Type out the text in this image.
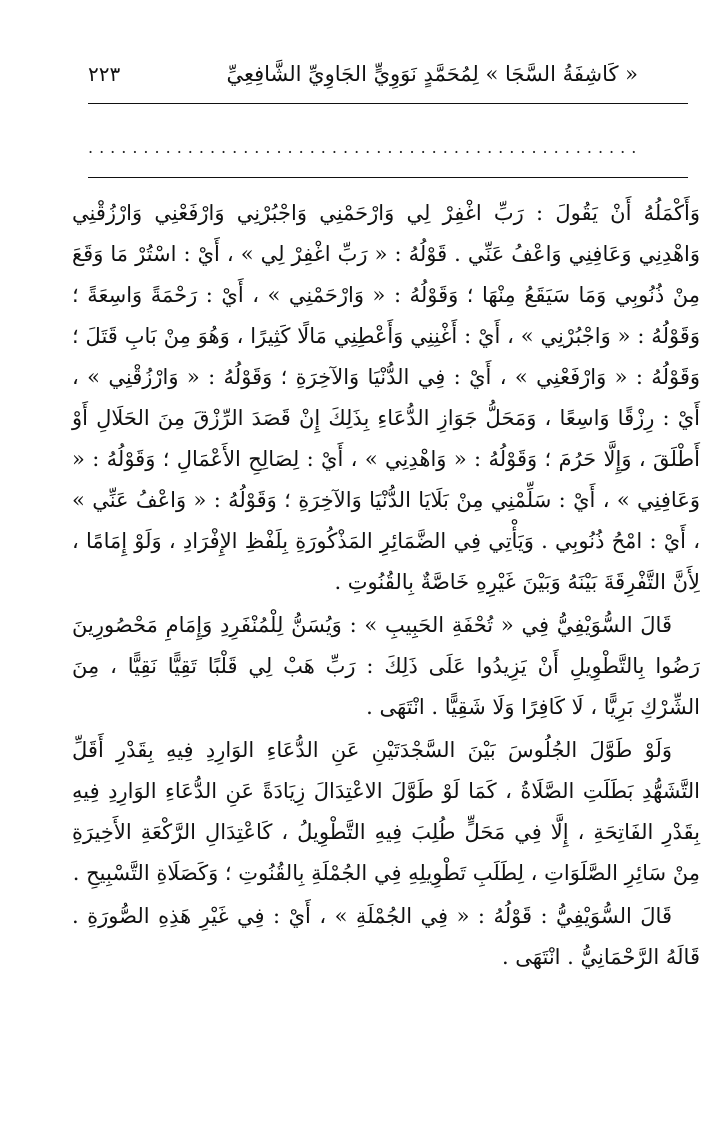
« كَاشِفَةُ السَّجَا » لِمُحَمَّدٍ نَوَوِيٍّ الجَاوِيِّ الشَّافِعِيِّ
٢٢٣
..................................................

وَأَكْمَلُهُ أَنْ يَقُولَ : رَبِّ اغْفِرْ لِي وَارْحَمْنِي وَاجْبُرْنِي وَارْفَعْنِي وَارْزُقْنِي وَاهْدِنِي وَعَافِنِي وَاعْفُ عَنِّي . قَوْلُهُ : « رَبِّ اغْفِرْ لِي » ، أَيْ : اسْتُرْ مَا وَقَعَ مِنْ ذُنُوبِي وَمَا سَيَقَعُ مِنْهَا ؛ وَقَوْلُهُ : « وَارْحَمْنِي » ، أَيْ : رَحْمَةً وَاسِعَةً ؛ وَقَوْلُهُ : « وَاجْبُرْنِي » ، أَيْ : أَغْنِنِي وَأَعْطِنِي مَالًا كَثِيرًا ، وَهُوَ مِنْ بَابِ قَتَلَ ؛ وَقَوْلُهُ : « وَارْفَعْنِي » ، أَيْ : فِي الدُّنْيَا وَالآخِرَةِ ؛ وَقَوْلُهُ : « وَارْزُقْنِي » ، أَيْ : رِزْقًا وَاسِعًا ، وَمَحَلُّ جَوَازِ الدُّعَاءِ بِذَلِكَ إِنْ قَصَدَ الرِّزْقَ مِنَ الحَلَالِ أَوْ أَطْلَقَ ، وَإِلَّا حَرُمَ ؛ وَقَوْلُهُ : « وَاهْدِنِي » ، أَيْ : لِصَالِحِ الأَعْمَالِ ؛ وَقَوْلُهُ : « وَعَافِنِي » ، أَيْ : سَلِّمْنِي مِنْ بَلَايَا الدُّنْيَا وَالآخِرَةِ ؛ وَقَوْلُهُ : « وَاعْفُ عَنِّي » ، أَيْ : امْحُ ذُنُوبِي . وَيَأْتِي فِي الضَّمَائِرِ المَذْكُورَةِ بِلَفْظِ الإِفْرَادِ ، وَلَوْ إِمَامًا ، لِأَنَّ التَّفْرِقَةَ بَيْنَهُ وَبَيْنَ غَيْرِهِ خَاصَّةٌ بِالقُنُوتِ .

قَالَ السُّوَيْفِيُّ فِي « تُحْفَةِ الحَبِيبِ » : وَيُسَنُّ لِلْمُنْفَرِدِ وَإِمَامِ مَحْصُورِينَ رَضُوا بِالتَّطْوِيلِ أَنْ يَزِيدُوا عَلَى ذَلِكَ : رَبِّ هَبْ لِي قَلْبًا تَقِيًّا نَقِيًّا ، مِنَ الشِّرْكِ بَرِيًّا ، لَا كَافِرًا وَلَا شَقِيًّا . انْتَهَى .

وَلَوْ طَوَّلَ الجُلُوسَ بَيْنَ السَّجْدَتَيْنِ عَنِ الدُّعَاءِ الوَارِدِ فِيهِ بِقَدْرِ أَقَلِّ التَّشَهُّدِ بَطَلَتِ الصَّلَاةُ ، كَمَا لَوْ طَوَّلَ الاعْتِدَالَ زِيَادَةً عَنِ الدُّعَاءِ الوَارِدِ فِيهِ بِقَدْرِ الفَاتِحَةِ ، إِلَّا فِي مَحَلٍّ طُلِبَ فِيهِ التَّطْوِيلُ ، كَاعْتِدَالِ الرَّكْعَةِ الأَخِيرَةِ مِنْ سَائِرِ الصَّلَوَاتِ ، لِطَلَبِ تَطْوِيلِهِ فِي الجُمْلَةِ بِالقُنُوتِ ؛ وَكَصَلَاةِ التَّسْبِيحِ .

قَالَ السُّوَيْفِيُّ : قَوْلُهُ : « فِي الجُمْلَةِ » ، أَيْ : فِي غَيْرِ هَذِهِ الصُّورَةِ . قَالَهُ الرَّحْمَانِيُّ . انْتَهَى .
